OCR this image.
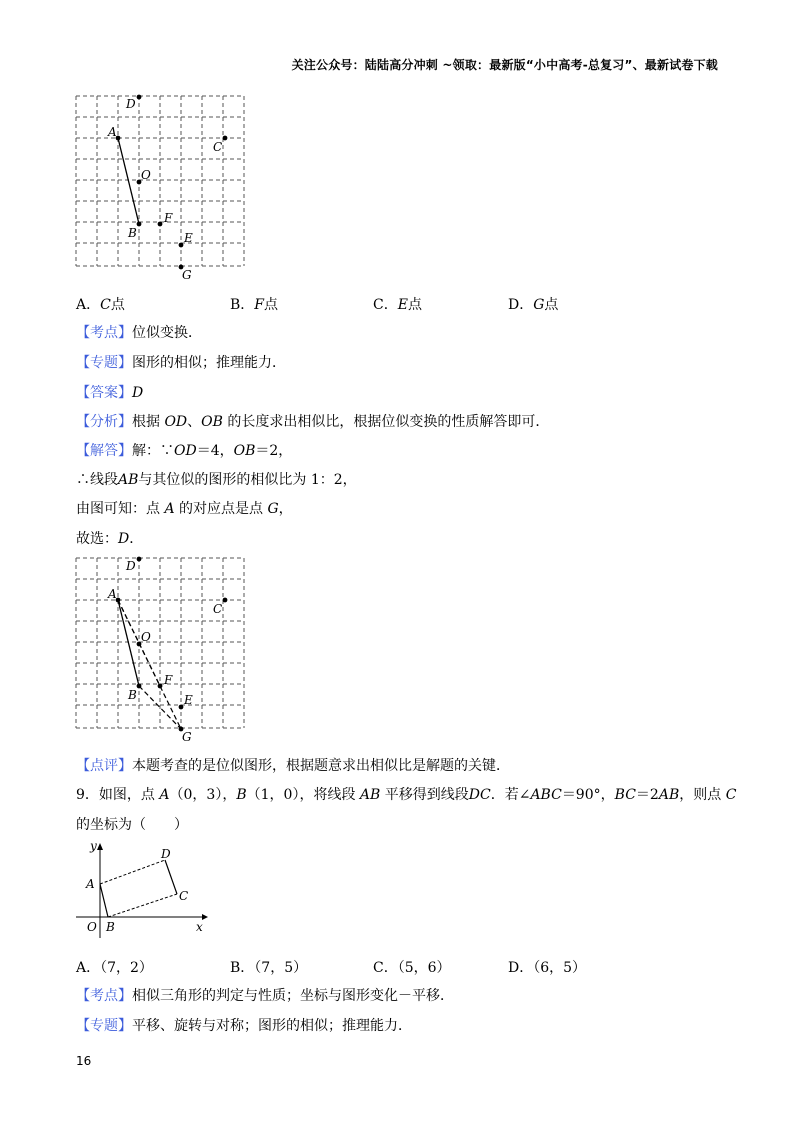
关注公众号：陆陆高分冲刺 ~领取：最新版“小中高考-总复习”、最新试卷下载
D
A
C
O
F
B	E
G
A．C点	B．F点	C．E点	D．G点
【考点】位似变换．
【专题】图形的相似；推理能力．
【答案】D
【分析】根据 OD、OB 的长度求出相似比，根据位似变换的性质解答即可．
【解答】解：∵OD＝4，OB＝2，
∴线段AB与其位似的图形的相似比为 1：2，
由图可知：点 A 的对应点是点 G，
故选：D．
D
A
C
O
F
B	E
G
【点评】本题考查的是位似图形，根据题意求出相似比是解题的关键．
9．如图，点 A（0，3），B（1，0），将线段 AB 平移得到线段DC．若∠ABC＝90°，BC＝2AB，则点 C
的坐标为（　　）
y
x
O
A
B
C
D
A．（7，2）	B．（7，5）	C．（5，6）	D．（6，5）
【考点】相似三角形的判定与性质；坐标与图形变化－平移．
【专题】平移、旋转与对称；图形的相似；推理能力．
16
